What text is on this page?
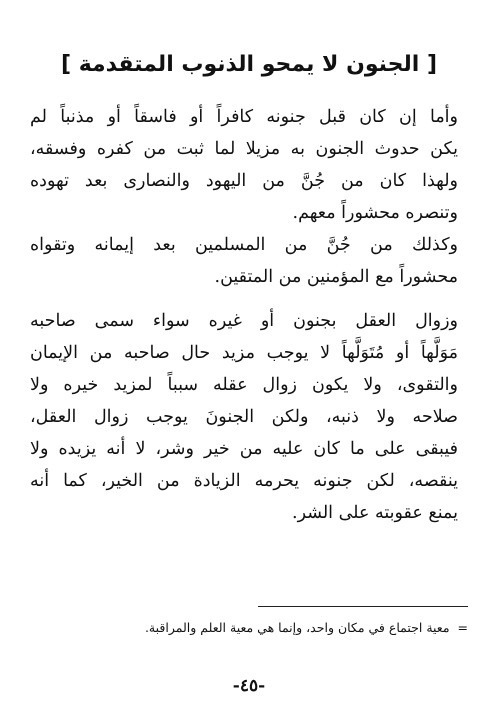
[ الجنون لا يمحو الذنوب المتقدمة ]
وأما إن كان قبل جنونه كافراً أو فاسقاً أو مذنباً لم
يكن حدوث الجنون به مزيلا لما ثبت من كفره وفسقه،
ولهذا كان من جُنَّ من اليهود والنصارى بعد تهوده
وتنصره محشوراً معهم.
وكذلك من جُنَّ من المسلمين بعد إيمانه وتقواه
محشوراً مع المؤمنين من المتقين.
وزوال العقل بجنون أو غيره سواء سمى صاحبه
مَوَلَّهاً أو مُتَوَلَّهاً لا يوجب مزيد حال صاحبه من الإيمان
والتقوى، ولا يكون زوال عقله سبباً لمزيد خيره ولا
صلاحه ولا ذنبه، ولكن الجنونَ يوجب زوال العقل،
فيبقى على ما كان عليه من خير وشر، لا أنه يزيده ولا
ينقصه، لكن جنونه يحرمه الزيادة من الخير، كما أنه
يمنع عقوبته على الشر.
=معية اجتماع في مكان واحد، وإنما هي معية العلم والمراقبة.
-٤٥-
